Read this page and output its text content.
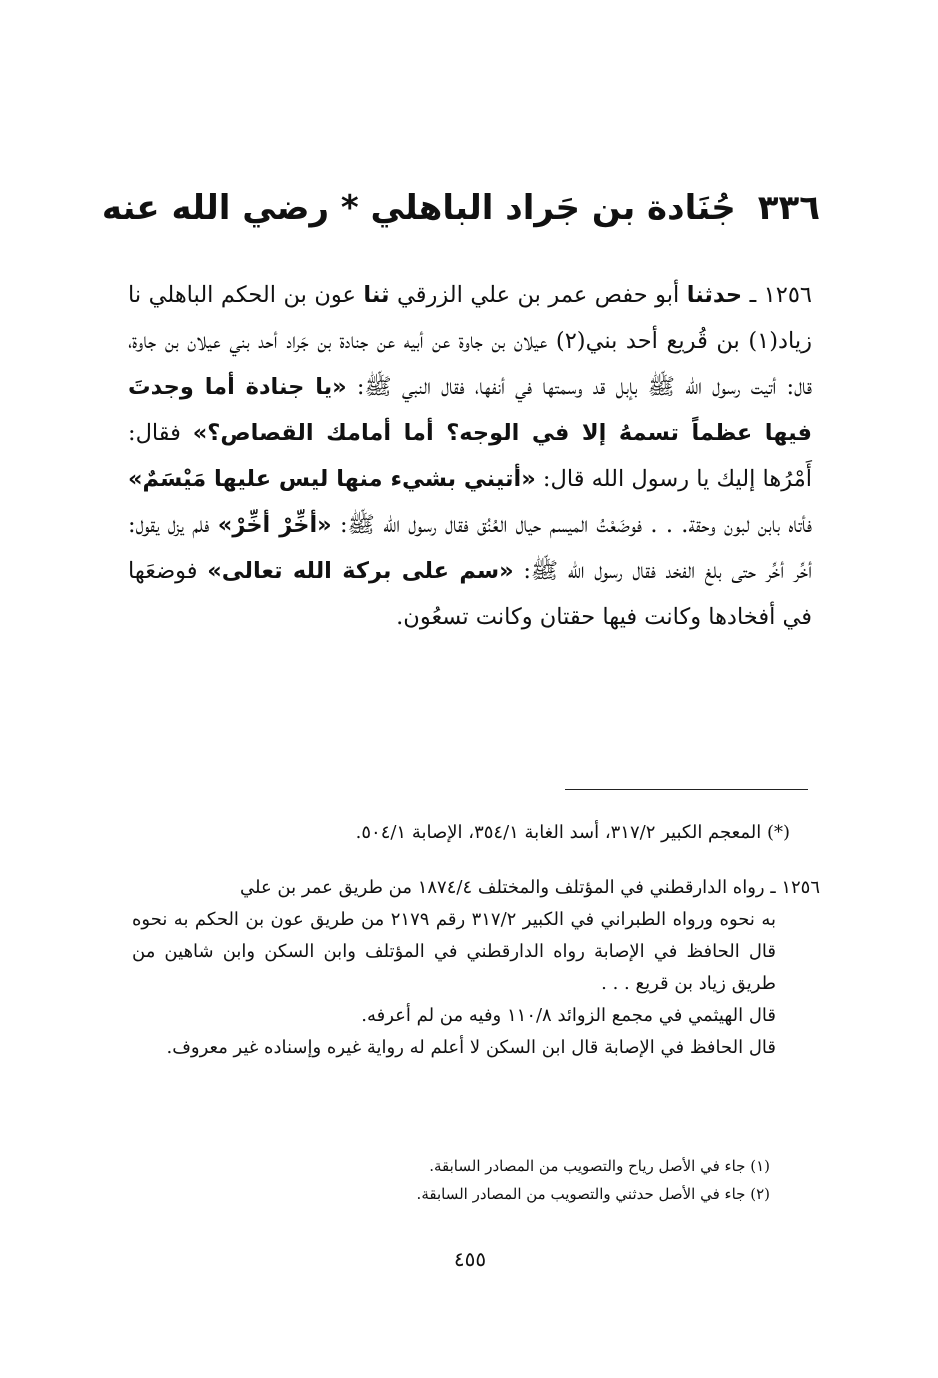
٣٣٦جُنَادة بن جَراد الباهلي * رضي الله عنه

١٢٥٦ ـ حدثنا أبو حفص عمر بن علي الزرقي ثنا عون بن الحكم الباهلي نا زياد(١) بن قُريع أحد بني(٢) عيلان بن جاوة عن أبيه عن جنادة بن جَراد أحد بني عيلان بن جاوة، قال: أتيت رسول الله ﷺ بإبل قد وسمتها في أنفها، فقال النبي ﷺ: «يا جنادة أما وجدتَ فيها عظماً تسمهُ إلا في الوجه؟ أما أمامك القصاص؟» فقال: أَمْرُها إليك يا رسول الله قال: «أتيني بشيء منها ليس عليها مَيْسَمٌ» فأتاه بابن لبون وحقة. . . فوضَعْتُ الميسم حيال العُنُق فقال رسول الله ﷺ: «أخِّرْ أخِّرْ» فلم يزل يقول: أخِّر أخِّر حتى بلغ الفخد فقال رسول الله ﷺ: «سم على بركة الله تعالى» فوضعَها في أفخادها وكانت فيها حقتان وكانت تسعُون.

(*) المعجم الكبير ٣١٧/٢، أسد الغابة ٣٥٤/١، الإصابة ٥٠٤/١.

١٢٥٦ ـ رواه الدارقطني في المؤتلف والمختلف ١٨٧٤/٤ من طريق عمر بن علي

به نحوه ورواه الطبراني في الكبير ٣١٧/٢ رقم ٢١٧٩ من طريق عون بن الحكم به نحوه قال الحافظ في الإصابة رواه الدارقطني في المؤتلف وابن السكن وابن شاهين من طريق زياد بن قريع . . .

قال الهيثمي في مجمع الزوائد ١١٠/٨ وفيه من لم أعرفه.

قال الحافظ في الإصابة قال ابن السكن لا أعلم له رواية غيره وإسناده غير معروف.

(١) جاء في الأصل رياح والتصويب من المصادر السابقة.

(٢) جاء في الأصل حدثني والتصويب من المصادر السابقة.

٤٥٥
